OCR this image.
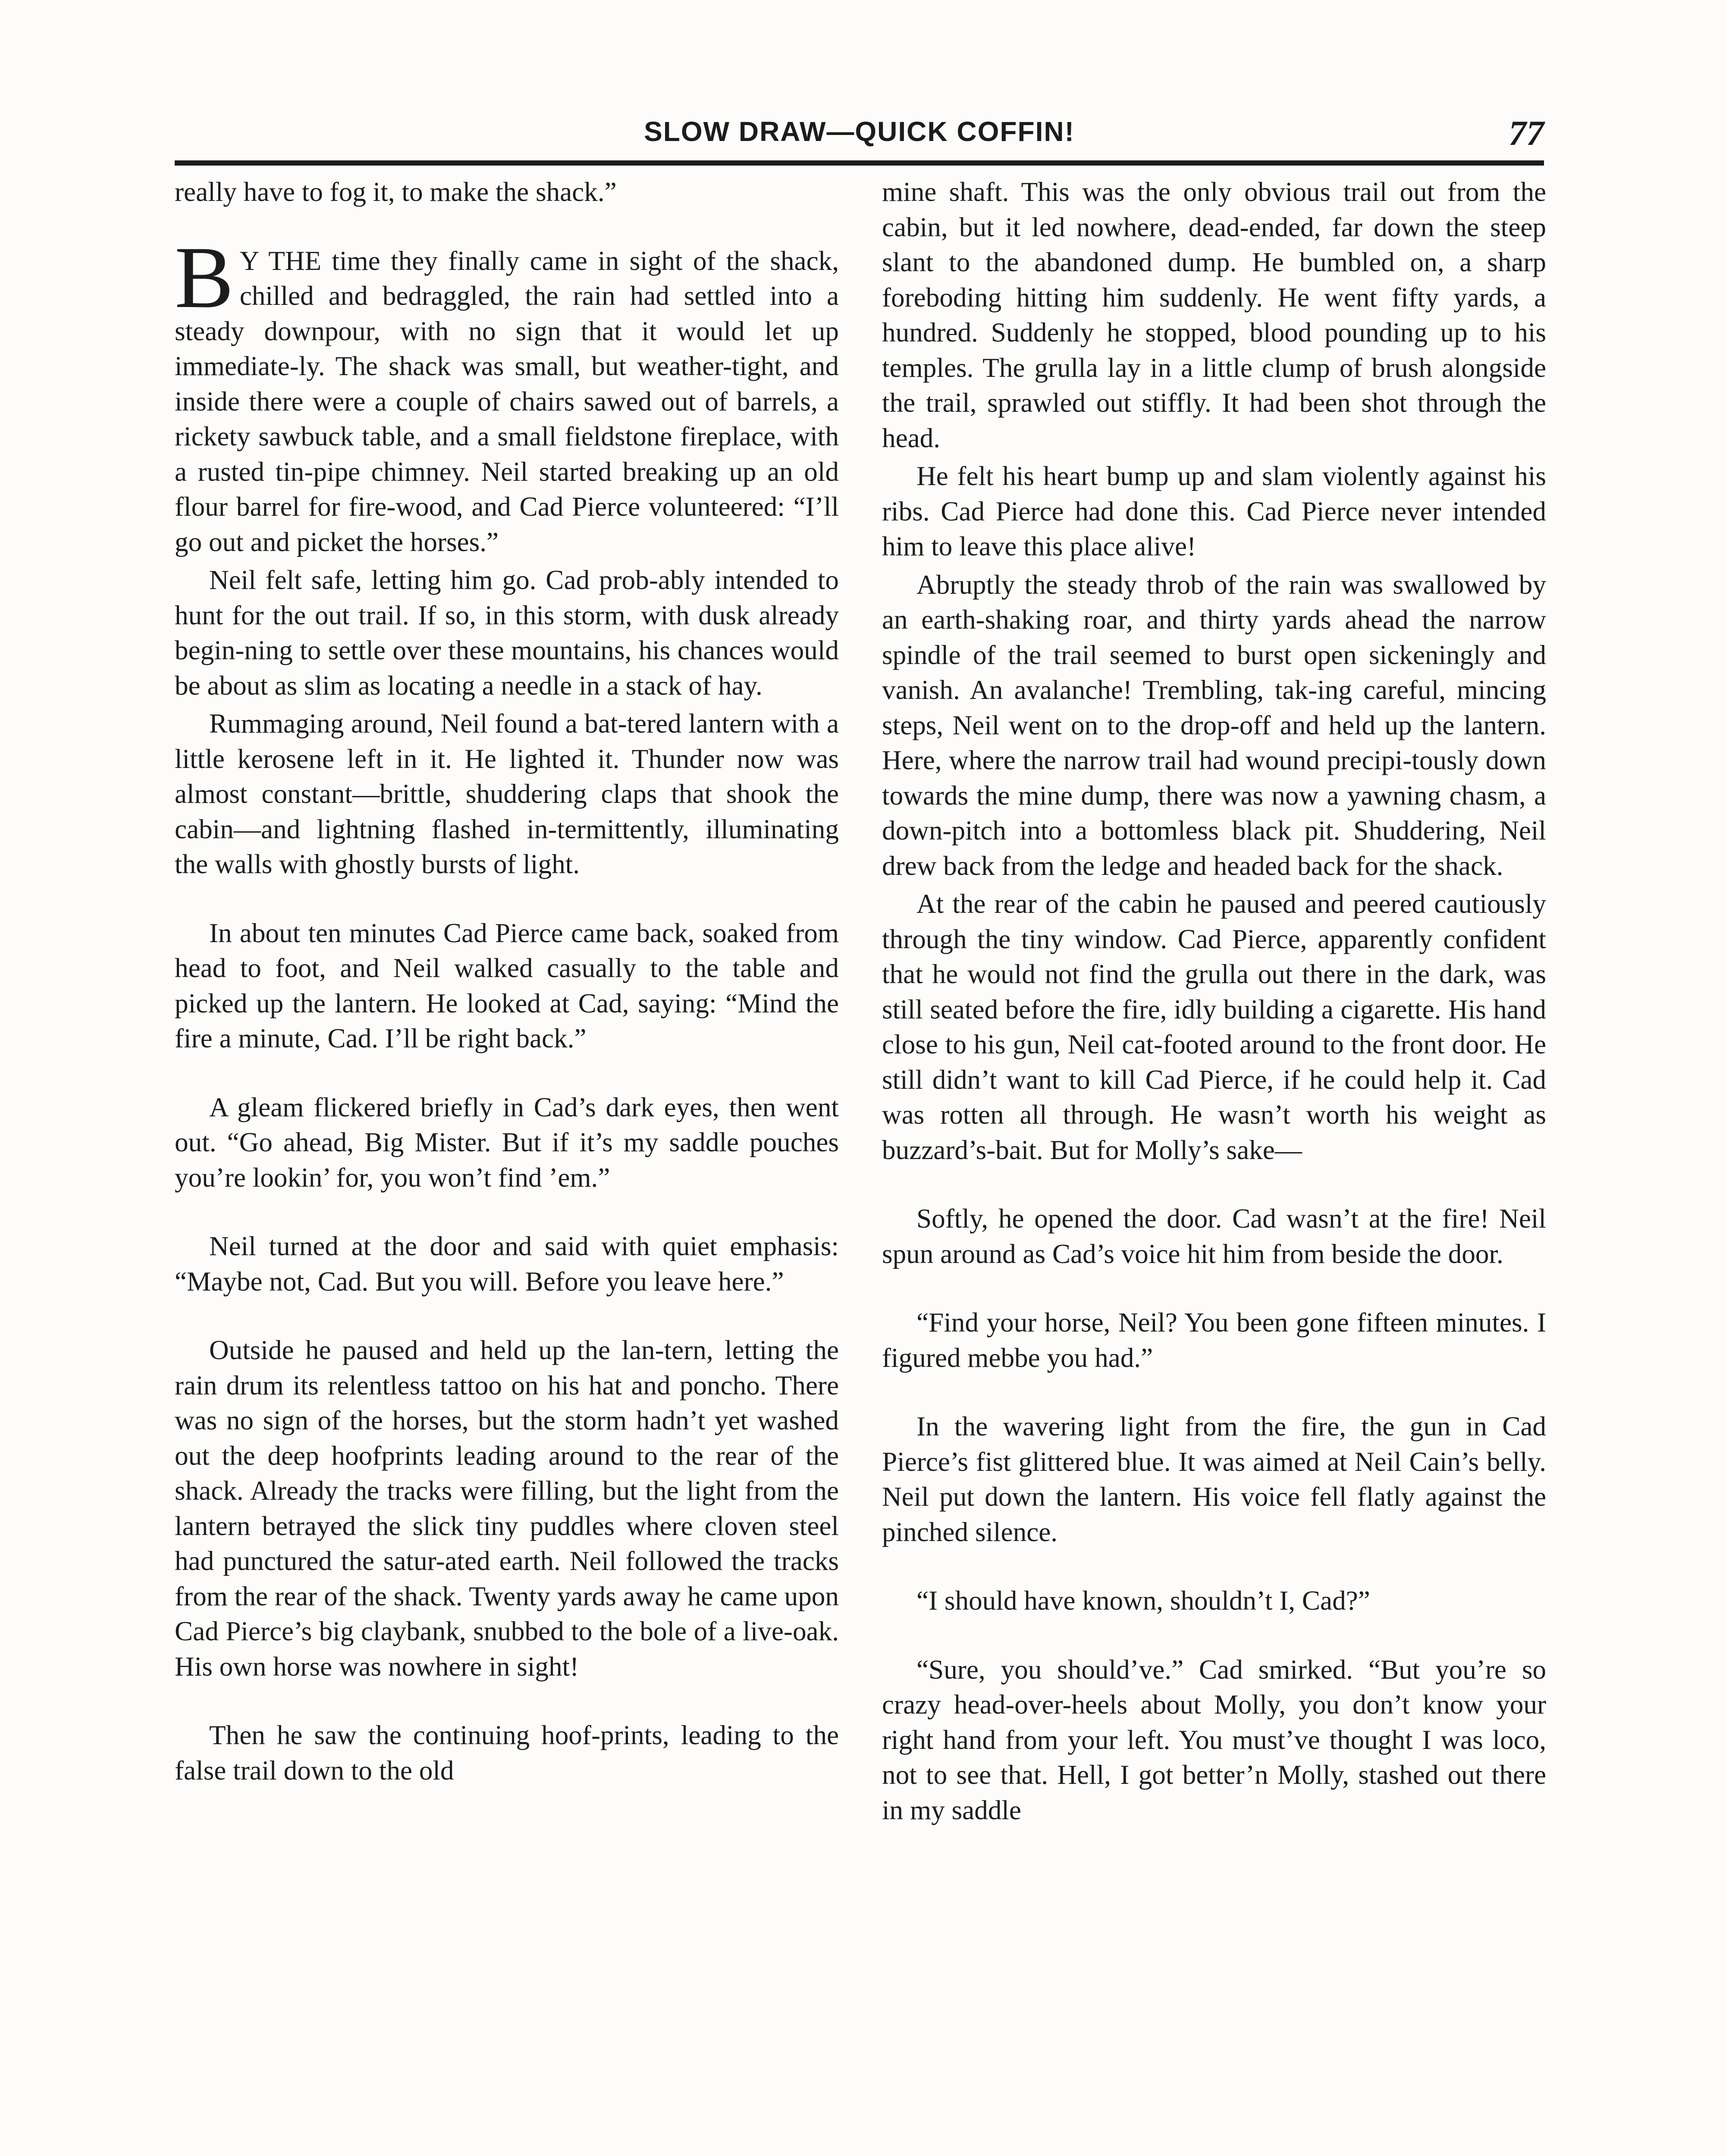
SLOW DRAW—QUICK COFFIN!	77

really have to fog it, to make the shack.”

BY THE time they finally came in sight of the shack, chilled and bedraggled, the rain had settled into a steady downpour, with no sign that it would let up immediate-ly. The shack was small, but weather-tight, and inside there were a couple of chairs sawed out of barrels, a rickety sawbuck table, and a small fieldstone fireplace, with a rusted tin-pipe chimney. Neil started breaking up an old flour barrel for fire-wood, and Cad Pierce volunteered: “I’ll go out and picket the horses.”

Neil felt safe, letting him go. Cad prob-ably intended to hunt for the out trail. If so, in this storm, with dusk already begin-ning to settle over these mountains, his chances would be about as slim as locating a needle in a stack of hay.

Rummaging around, Neil found a bat-tered lantern with a little kerosene left in it. He lighted it. Thunder now was almost constant—brittle, shuddering claps that shook the cabin—and lightning flashed in-termittently, illuminating the walls with ghostly bursts of light.

In about ten minutes Cad Pierce came back, soaked from head to foot, and Neil walked casually to the table and picked up the lantern. He looked at Cad, saying: “Mind the fire a minute, Cad. I’ll be right back.”

A gleam flickered briefly in Cad’s dark eyes, then went out. “Go ahead, Big Mister. But if it’s my saddle pouches you’re lookin’ for, you won’t find ’em.”

Neil turned at the door and said with quiet emphasis: “Maybe not, Cad. But you will. Before you leave here.”

Outside he paused and held up the lan-tern, letting the rain drum its relentless tattoo on his hat and poncho. There was no sign of the horses, but the storm hadn’t yet washed out the deep hoofprints leading around to the rear of the shack. Already the tracks were filling, but the light from the lantern betrayed the slick tiny puddles where cloven steel had punctured the satur-ated earth. Neil followed the tracks from the rear of the shack. Twenty yards away he came upon Cad Pierce’s big claybank, snubbed to the bole of a live-oak. His own horse was nowhere in sight!

Then he saw the continuing hoof-prints, leading to the false trail down to the old

mine shaft. This was the only obvious trail out from the cabin, but it led nowhere, dead-ended, far down the steep slant to the abandoned dump. He bumbled on, a sharp foreboding hitting him suddenly. He went fifty yards, a hundred. Suddenly he stopped, blood pounding up to his temples. The grulla lay in a little clump of brush alongside the trail, sprawled out stiffly. It had been shot through the head.

He felt his heart bump up and slam violently against his ribs. Cad Pierce had done this. Cad Pierce never intended him to leave this place alive!

Abruptly the steady throb of the rain was swallowed by an earth-shaking roar, and thirty yards ahead the narrow spindle of the trail seemed to burst open sickeningly and vanish. An avalanche! Trembling, tak-ing careful, mincing steps, Neil went on to the drop-off and held up the lantern. Here, where the narrow trail had wound precipi-tously down towards the mine dump, there was now a yawning chasm, a down-pitch into a bottomless black pit. Shuddering, Neil drew back from the ledge and headed back for the shack.

At the rear of the cabin he paused and peered cautiously through the tiny window. Cad Pierce, apparently confident that he would not find the grulla out there in the dark, was still seated before the fire, idly building a cigarette. His hand close to his gun, Neil cat-footed around to the front door. He still didn’t want to kill Cad Pierce, if he could help it. Cad was rotten all through. He wasn’t worth his weight as buzzard’s-bait. But for Molly’s sake—

Softly, he opened the door. Cad wasn’t at the fire! Neil spun around as Cad’s voice hit him from beside the door.

“Find your horse, Neil? You been gone fifteen minutes. I figured mebbe you had.”

In the wavering light from the fire, the gun in Cad Pierce’s fist glittered blue. It was aimed at Neil Cain’s belly. Neil put down the lantern. His voice fell flatly against the pinched silence.

“I should have known, shouldn’t I, Cad?”

“Sure, you should’ve.” Cad smirked. “But you’re so crazy head-over-heels about Molly, you don’t know your right hand from your left. You must’ve thought I was loco, not to see that. Hell, I got better’n Molly, stashed out there in my saddle
